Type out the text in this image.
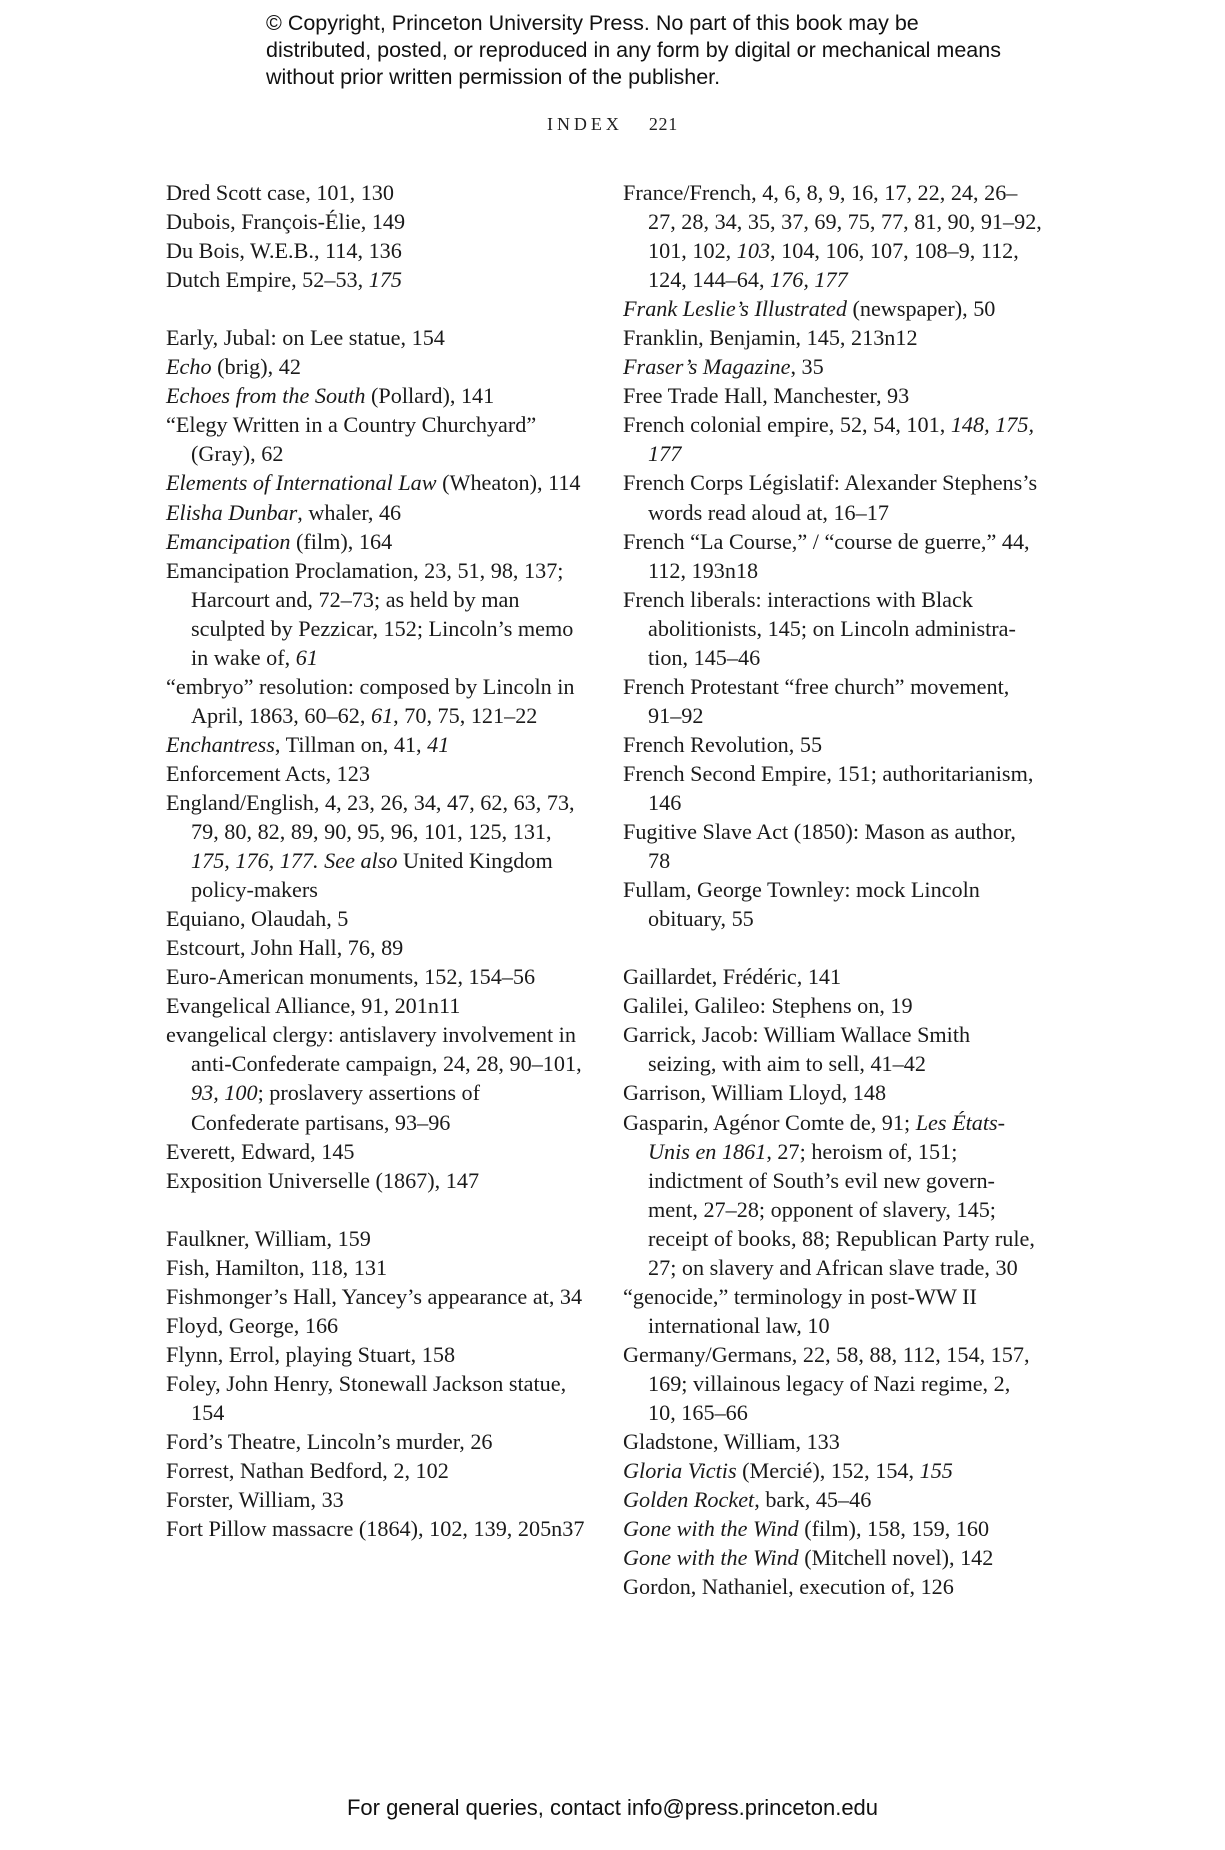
© Copyright, Princeton University Press. No part of this book may be distributed, posted, or reproduced in any form by digital or mechanical means without prior written permission of the publisher.
INDEX 221

Dred Scott case, 101, 130

Dubois, François-Élie, 149

Du Bois, W.E.B., 114, 136

Dutch Empire, 52–53, 175

Early, Jubal: on Lee statue, 154

Echo (brig), 42

Echoes from the South (Pollard), 141

“Elegy Written in a Country Churchyard” (Gray), 62

Elements of International Law (Wheaton), 114

Elisha Dunbar, whaler, 46

Emancipation (film), 164

Emancipation Proclamation, 23, 51, 98, 137; Harcourt and, 72–73; as held by man sculpted by Pezzicar, 152; Lincoln’s memo in wake of, 61

“embryo” resolution: composed by Lincoln in April, 1863, 60–62, 61, 70, 75, 121–22

Enchantress, Tillman on, 41, 41

Enforcement Acts, 123

England/English, 4, 23, 26, 34, 47, 62, 63, 73, 79, 80, 82, 89, 90, 95, 96, 101, 125, 131, 175, 176, 177. See also United Kingdom policy-makers

Equiano, Olaudah, 5

Estcourt, John Hall, 76, 89

Euro-American monuments, 152, 154–56

Evangelical Alliance, 91, 201n11

evangelical clergy: antislavery involvement in anti-Confederate campaign, 24, 28, 90–101, 93, 100; proslavery assertions of Confederate partisans, 93–96

Everett, Edward, 145

Exposition Universelle (1867), 147

Faulkner, William, 159

Fish, Hamilton, 118, 131

Fishmonger’s Hall, Yancey’s appearance at, 34

Floyd, George, 166

Flynn, Errol, playing Stuart, 158

Foley, John Henry, Stonewall Jackson statue, 154

Ford’s Theatre, Lincoln’s murder, 26

Forrest, Nathan Bedford, 2, 102

Forster, William, 33

Fort Pillow massacre (1864), 102, 139, 205n37

France/French, 4, 6, 8, 9, 16, 17, 22, 24, 26–27, 28, 34, 35, 37, 69, 75, 77, 81, 90, 91–92, 101, 102, 103, 104, 106, 107, 108–9, 112, 124, 144–64, 176, 177

Frank Leslie’s Illustrated (newspaper), 50

Franklin, Benjamin, 145, 213n12

Fraser’s Magazine, 35

Free Trade Hall, Manchester, 93

French colonial empire, 52, 54, 101, 148, 175, 177

French Corps Législatif: Alexander Stephens’s words read aloud at, 16–17

French “La Course,” / “course de guerre,” 44, 112, 193n18

French liberals: interactions with Black abolitionists, 145; on Lincoln administra-tion, 145–46

French Protestant “free church” movement, 91–92

French Revolution, 55

French Second Empire, 151; authoritarianism, 146

Fugitive Slave Act (1850): Mason as author, 78

Fullam, George Townley: mock Lincoln obituary, 55

Gaillardet, Frédéric, 141

Galilei, Galileo: Stephens on, 19

Garrick, Jacob: William Wallace Smith seizing, with aim to sell, 41–42

Garrison, William Lloyd, 148

Gasparin, Agénor Comte de, 91; Les États-Unis en 1861, 27; heroism of, 151; indictment of South’s evil new govern-ment, 27–28; opponent of slavery, 145; receipt of books, 88; Republican Party rule, 27; on slavery and African slave trade, 30

“genocide,” terminology in post-WW II international law, 10

Germany/Germans, 22, 58, 88, 112, 154, 157, 169; villainous legacy of Nazi regime, 2, 10, 165–66

Gladstone, William, 133

Gloria Victis (Mercié), 152, 154, 155

Golden Rocket, bark, 45–46

Gone with the Wind (film), 158, 159, 160

Gone with the Wind (Mitchell novel), 142

Gordon, Nathaniel, execution of, 126

For general queries, contact info@press.princeton.edu
